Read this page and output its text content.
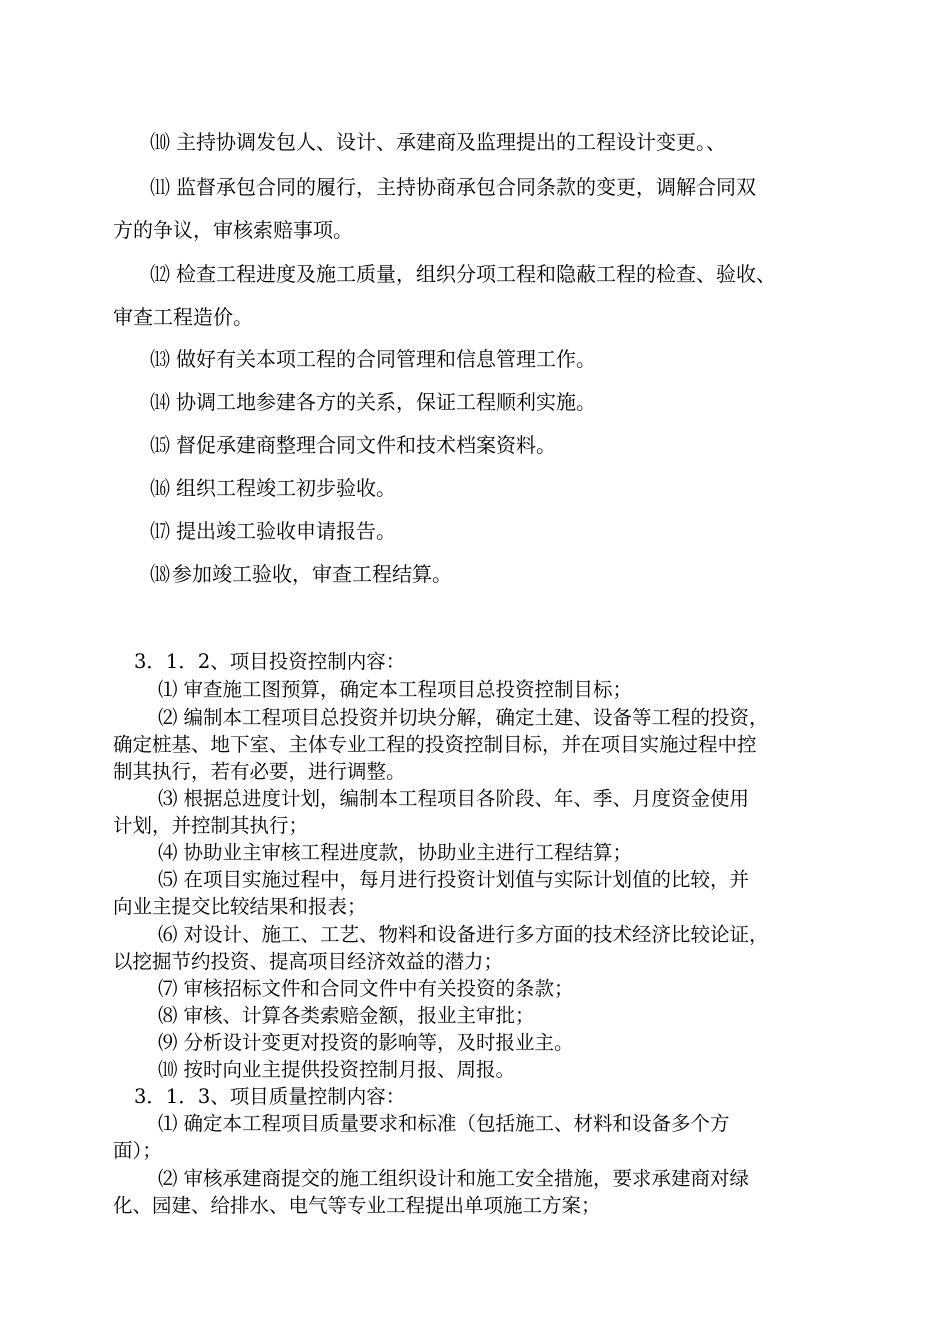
⑽ 主持协调发包人、设计、承建商及监理提出的工程设计变更。、
⑾ 监督承包合同的履行，主持协商承包合同条款的变更，调解合同双
方的争议，审核索赔事项。
⑿ 检查工程进度及施工质量，组织分项工程和隐蔽工程的检查、验收、
审查工程造价。
⒀ 做好有关本项工程的合同管理和信息管理工作。
⒁ 协调工地参建各方的关系，保证工程顺利实施。
⒂ 督促承建商整理合同文件和技术档案资料。
⒃ 组织工程竣工初步验收。
⒄ 提出竣工验收申请报告。
⒅ 参加竣工验收，审查工程结算。
3．1．2、项目投资控制内容：
⑴ 审查施工图预算，确定本工程项目总投资控制目标；
⑵ 编制本工程项目总投资并切块分解，确定土建、设备等工程的投资，
确定桩基、地下室、主体专业工程的投资控制目标，并在项目实施过程中控
制其执行，若有必要，进行调整。
⑶ 根据总进度计划，编制本工程项目各阶段、年、季、月度资金使用
计划，并控制其执行；
⑷ 协助业主审核工程进度款，协助业主进行工程结算；
⑸ 在项目实施过程中，每月进行投资计划值与实际计划值的比较，并
向业主提交比较结果和报表；
⑹ 对设计、施工、工艺、物料和设备进行多方面的技术经济比较论证，
以挖掘节约投资、提高项目经济效益的潜力；
⑺ 审核招标文件和合同文件中有关投资的条款；
⑻ 审核、计算各类索赔金额，报业主审批；
⑼ 分析设计变更对投资的影响等，及时报业主。
⑽ 按时向业主提供投资控制月报、周报。
3．1．3、项目质量控制内容：
⑴ 确定本工程项目质量要求和标准（包括施工、材料和设备多个方
面）；
⑵ 审核承建商提交的施工组织设计和施工安全措施，要求承建商对绿
化、园建、给排水、电气等专业工程提出单项施工方案；
